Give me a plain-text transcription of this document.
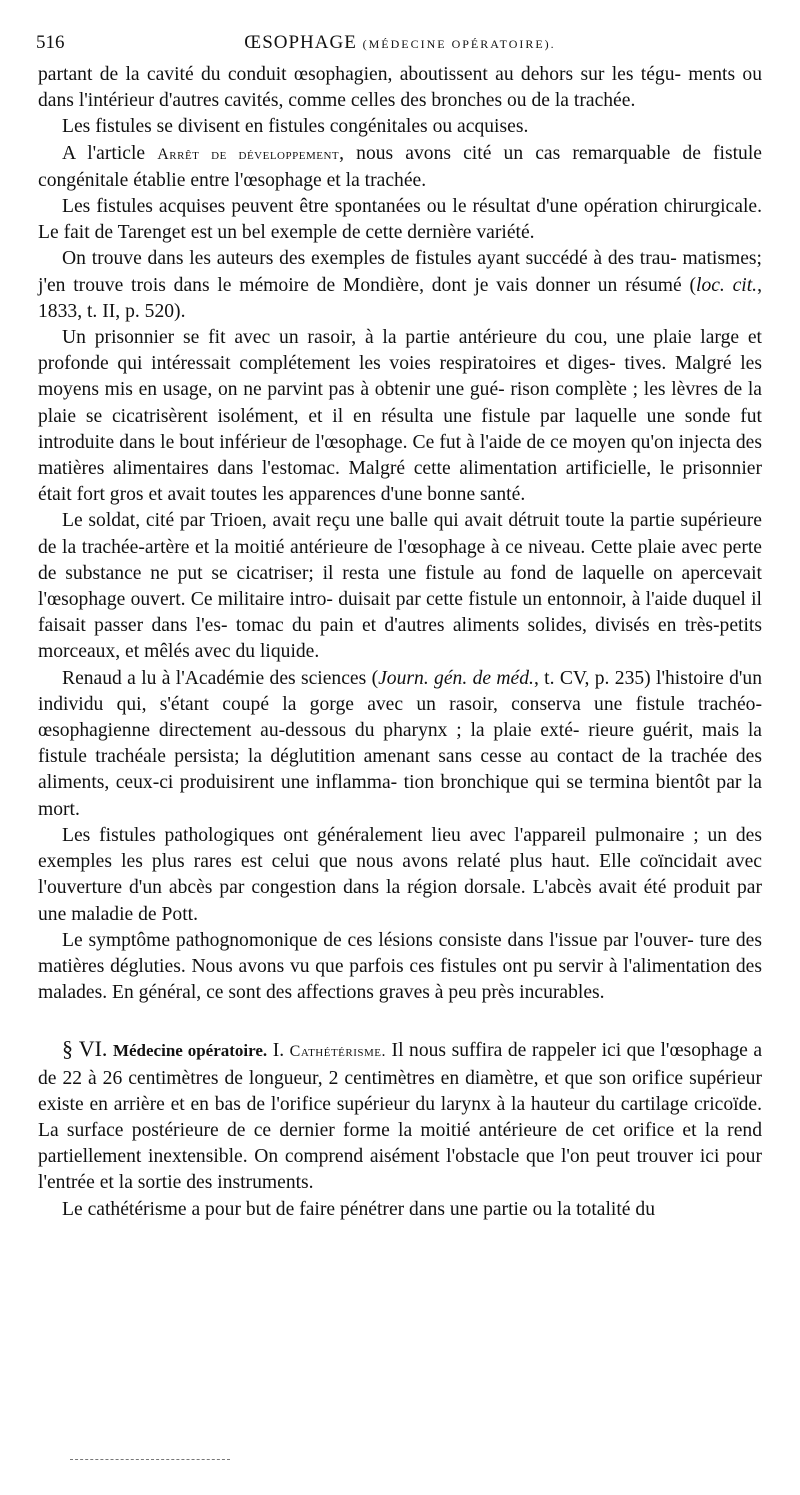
516	ŒSOPHAGE (MÉDECINE OPÉRATOIRE).

partant de la cavité du conduit œsophagien, aboutissent au dehors sur les tégu- ments ou dans l'intérieur d'autres cavités, comme celles des bronches ou de la trachée.

Les fistules se divisent en fistules congénitales ou acquises.

A l'article Arrêt de développement, nous avons cité un cas remarquable de fistule congénitale établie entre l'œsophage et la trachée.

Les fistules acquises peuvent être spontanées ou le résultat d'une opération chirurgicale. Le fait de Tarenget est un bel exemple de cette dernière variété.

On trouve dans les auteurs des exemples de fistules ayant succédé à des trau- matismes; j'en trouve trois dans le mémoire de Mondière, dont je vais donner un résumé (loc. cit., 1833, t. II, p. 520).

Un prisonnier se fit avec un rasoir, à la partie antérieure du cou, une plaie large et profonde qui intéressait complétement les voies respiratoires et diges- tives. Malgré les moyens mis en usage, on ne parvint pas à obtenir une gué- rison complète ; les lèvres de la plaie se cicatrisèrent isolément, et il en résulta une fistule par laquelle une sonde fut introduite dans le bout inférieur de l'œsophage. Ce fut à l'aide de ce moyen qu'on injecta des matières alimentaires dans l'estomac. Malgré cette alimentation artificielle, le prisonnier était fort gros et avait toutes les apparences d'une bonne santé.

Le soldat, cité par Trioen, avait reçu une balle qui avait détruit toute la partie supérieure de la trachée-artère et la moitié antérieure de l'œsophage à ce niveau. Cette plaie avec perte de substance ne put se cicatriser; il resta une fistule au fond de laquelle on apercevait l'œsophage ouvert. Ce militaire intro- duisait par cette fistule un entonnoir, à l'aide duquel il faisait passer dans l'es- tomac du pain et d'autres aliments solides, divisés en très-petits morceaux, et mêlés avec du liquide.

Renaud a lu à l'Académie des sciences (Journ. gén. de méd., t. CV, p. 235) l'histoire d'un individu qui, s'étant coupé la gorge avec un rasoir, conserva une fistule trachéo-œsophagienne directement au-dessous du pharynx ; la plaie exté- rieure guérit, mais la fistule trachéale persista; la déglutition amenant sans cesse au contact de la trachée des aliments, ceux-ci produisirent une inflamma- tion bronchique qui se termina bientôt par la mort.

Les fistules pathologiques ont généralement lieu avec l'appareil pulmonaire ; un des exemples les plus rares est celui que nous avons relaté plus haut. Elle coïncidait avec l'ouverture d'un abcès par congestion dans la région dorsale. L'abcès avait été produit par une maladie de Pott.

Le symptôme pathognomonique de ces lésions consiste dans l'issue par l'ouver- ture des matières dégluties. Nous avons vu que parfois ces fistules ont pu servir à l'alimentation des malades. En général, ce sont des affections graves à peu près incurables.

§ VI. Médecine opératoire. I. Cathétérisme. Il nous suffira de rappeler ici que l'œsophage a de 22 à 26 centimètres de longueur, 2 centimètres en diamètre, et que son orifice supérieur existe en arrière et en bas de l'orifice supérieur du larynx à la hauteur du cartilage cricoïde. La surface postérieure de ce dernier forme la moitié antérieure de cet orifice et la rend partiellement inextensible. On comprend aisément l'obstacle que l'on peut trouver ici pour l'entrée et la sortie des instruments.

Le cathétérisme a pour but de faire pénétrer dans une partie ou la totalité du
